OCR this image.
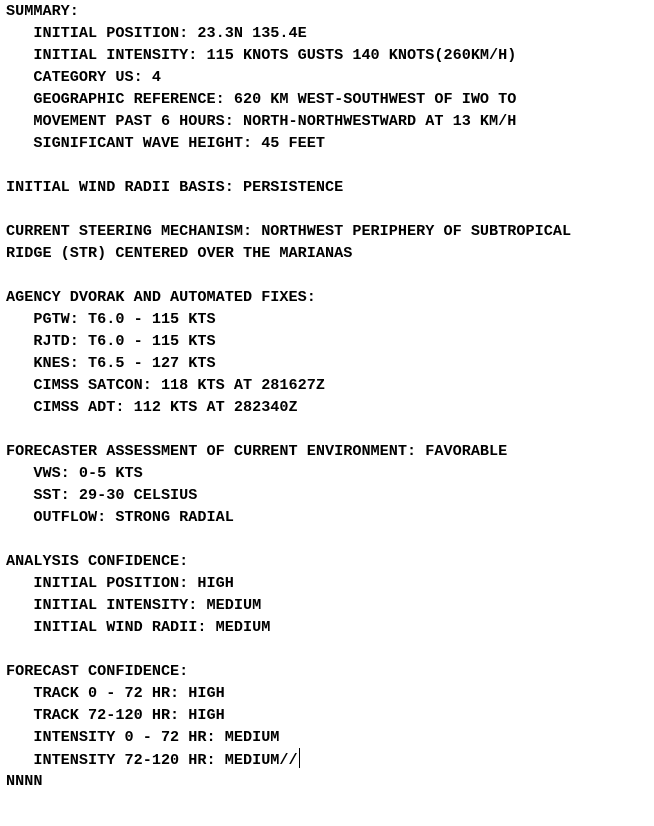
SUMMARY:
INITIAL POSITION: 23.3N 135.4E
INITIAL INTENSITY: 115 KNOTS GUSTS 140 KNOTS(260KM/H)
CATEGORY US: 4
GEOGRAPHIC REFERENCE: 620 KM WEST-SOUTHWEST OF IWO TO
MOVEMENT PAST 6 HOURS: NORTH-NORTHWESTWARD AT 13 KM/H
SIGNIFICANT WAVE HEIGHT: 45 FEET
INITIAL WIND RADII BASIS: PERSISTENCE
CURRENT STEERING MECHANISM: NORTHWEST PERIPHERY OF SUBTROPICAL
RIDGE (STR) CENTERED OVER THE MARIANAS
AGENCY DVORAK AND AUTOMATED FIXES:
PGTW: T6.0 - 115 KTS
RJTD: T6.0 - 115 KTS
KNES: T6.5 - 127 KTS
CIMSS SATCON: 118 KTS AT 281627Z
CIMSS ADT: 112 KTS AT 282340Z
FORECASTER ASSESSMENT OF CURRENT ENVIRONMENT: FAVORABLE
VWS: 0-5 KTS
SST: 29-30 CELSIUS
OUTFLOW: STRONG RADIAL
ANALYSIS CONFIDENCE:
INITIAL POSITION: HIGH
INITIAL INTENSITY: MEDIUM
INITIAL WIND RADII: MEDIUM
FORECAST CONFIDENCE:
TRACK 0 - 72 HR: HIGH
TRACK 72-120 HR: HIGH
INTENSITY 0 - 72 HR: MEDIUM
INTENSITY 72-120 HR: MEDIUM//
NNNN
